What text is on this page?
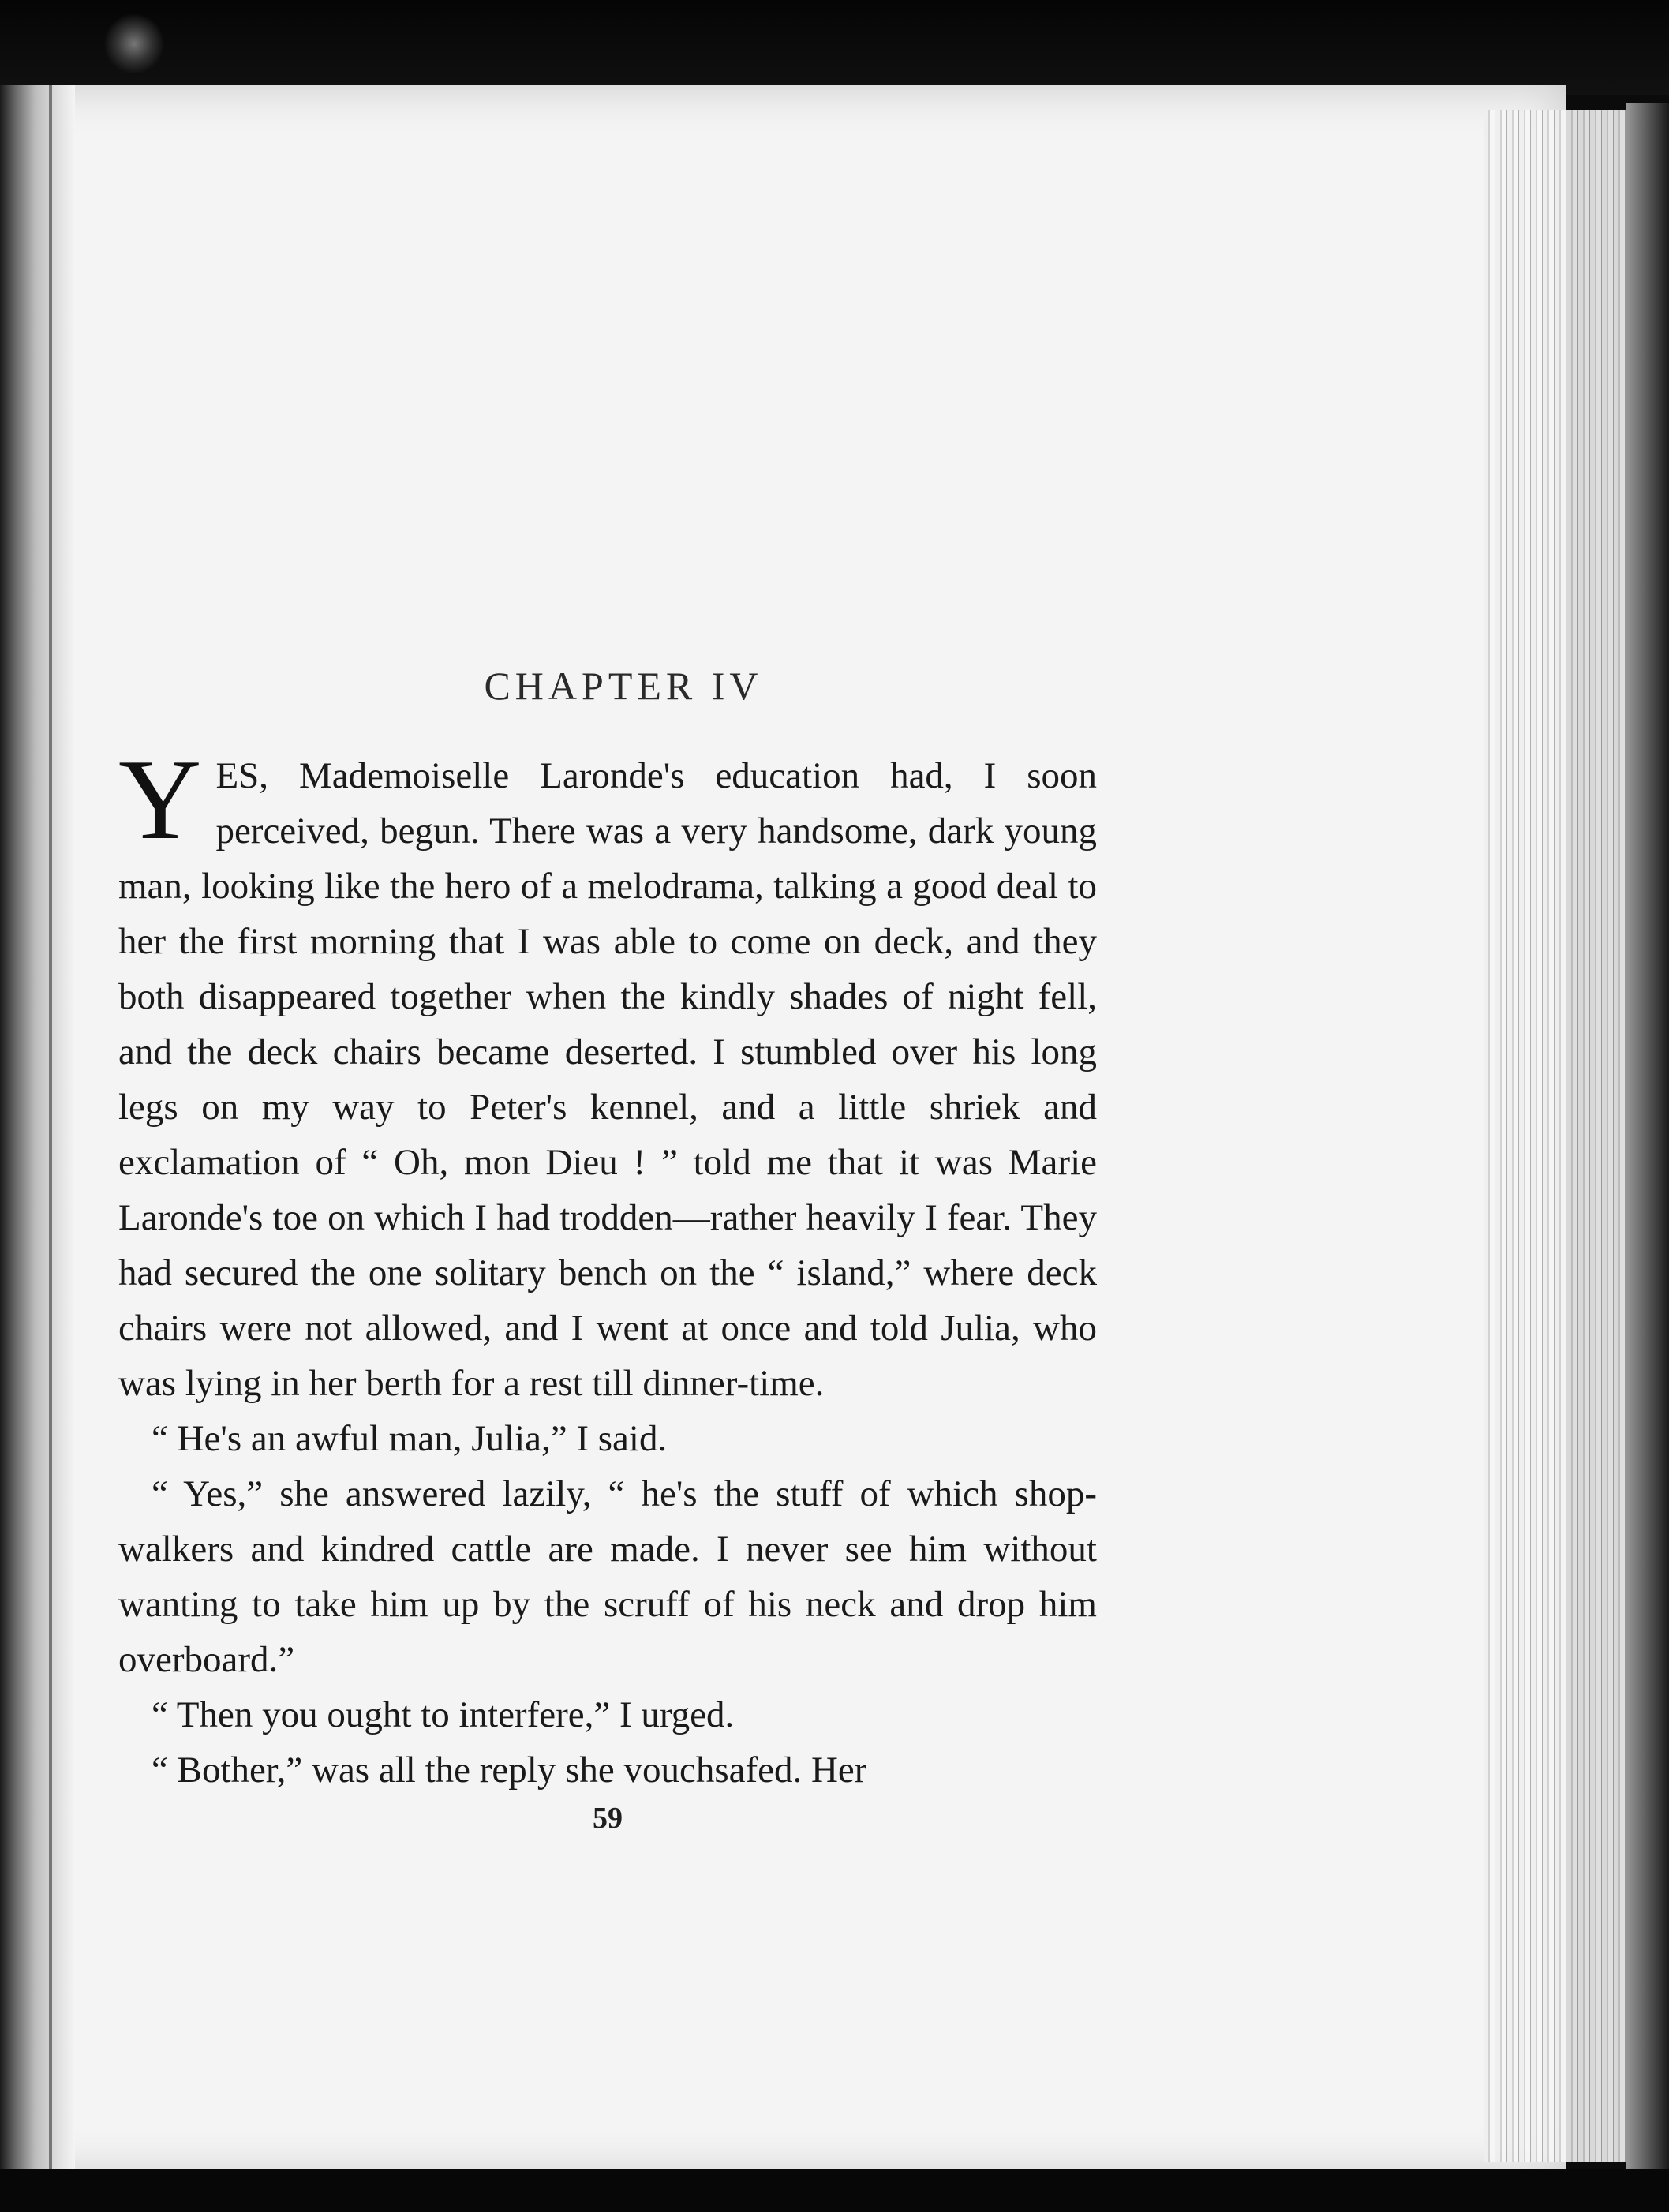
CHAPTER IV

Y ES, Mademoiselle Laronde's education had, I soon perceived, begun. There was a very handsome, dark young man, looking like the hero of a melodrama, talking a good deal to her the first morning that I was able to come on deck, and they both disappeared together when the kindly shades of night fell, and the deck chairs became deserted. I stumbled over his long legs on my way to Peter's kennel, and a little shriek and exclamation of “ Oh, mon Dieu ! ” told me that it was Marie Laronde's toe on which I had trodden—rather heavily I fear. They had secured the one solitary bench on the “ island,” where deck chairs were not allowed, and I went at once and told Julia, who was lying in her berth for a rest till dinner-time.

“ He's an awful man, Julia,” I said.

“ Yes,” she answered lazily, “ he's the stuff of which shop-walkers and kindred cattle are made. I never see him without wanting to take him up by the scruff of his neck and drop him overboard.”

“ Then you ought to interfere,” I urged.

“ Bother,” was all the reply she vouchsafed. Her

59
